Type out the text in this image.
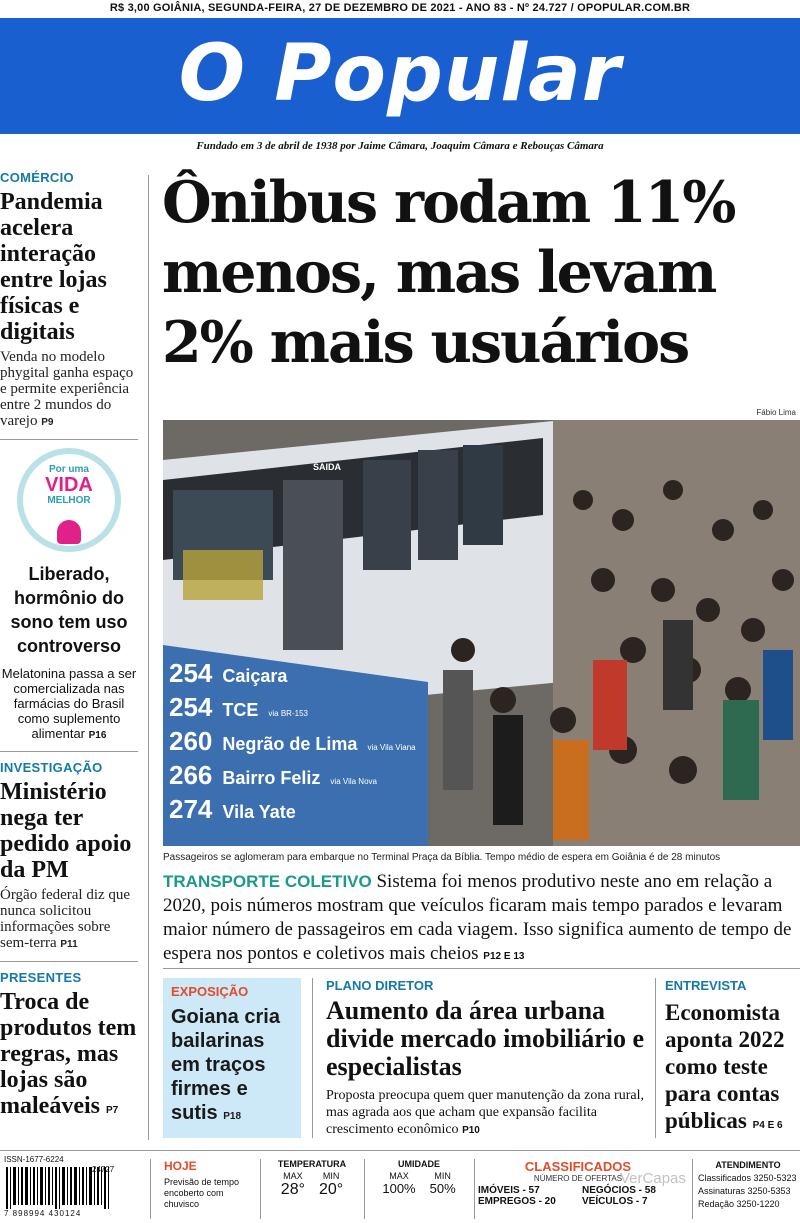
R$ 3,00 GOIÂNIA, SEGUNDA-FEIRA, 27 DE DEZEMBRO DE 2021 - ANO 83 - Nº 24.727 / OPOPULAR.COM.BR
O Popular
Fundado em 3 de abril de 1938 por Jaime Câmara, Joaquim Câmara e Rebouças Câmara
COMÉRCIO
Pandemia acelera interação entre lojas físicas e digitais
Venda no modelo phygital ganha espaço e permite experiência entre 2 mundos do varejo P9
Por uma
VIDA
MELHOR
Liberado, hormônio do sono tem uso controverso
Melatonina passa a ser comercializada nas farmácias do Brasil como suplemento alimentar P16
INVESTIGAÇÃO
Ministério nega ter pedido apoio da PM
Órgão federal diz que nunca solicitou informações sobre sem-terra P11
PRESENTES
Troca de produtos tem regras, mas lojas são maleáveis P7
Ônibus rodam 11% menos, mas levam 2% mais usuários
Fábio Lima
SAIDA
254 Caiçara
254 TCE via BR-153
260 Negrão de Lima via Vila Viana
266 Bairro Feliz via Vila Nova
274 Vila Yate
Passageiros se aglomeram para embarque no Terminal Praça da Bíblia. Tempo médio de espera em Goiânia é de 28 minutos
TRANSPORTE COLETIVO Sistema foi menos produtivo neste ano em relação a 2020, pois números mostram que veículos ficaram mais tempo parados e levaram maior número de passageiros em cada viagem. Isso significa aumento de tempo de espera nos pontos e coletivos mais cheios P12 E 13
EXPOSIÇÃO
Goiana cria bailarinas em traços firmes e sutis P18
PLANO DIRETOR
Aumento da área urbana divide mercado imobiliário e especialistas
Proposta preocupa quem quer manutenção da zona rural, mas agrada aos que acham que expansão facilita crescimento econômico P10
ENTREVISTA
Economista aponta 2022 como teste para contas públicas P4 E 6
ISSN-1677-6224
24727
7 898994 430124
HOJE
Previsão de tempo encoberto com chuvisco
TEMPERATURA
MAX
28°
MIN
20°
UMIDADE
MAX
100%
MIN
50%
CLASSIFICADOS
NÚMERO DE OFERTAS
IMÓVEIS - 57	NEGÓCIOS - 58
EMPREGOS - 20	VEÍCULOS - 7
ATENDIMENTO
Classificados 3250-5323
Assinaturas 3250-5353
Redação 3250-1220
VerCapas
